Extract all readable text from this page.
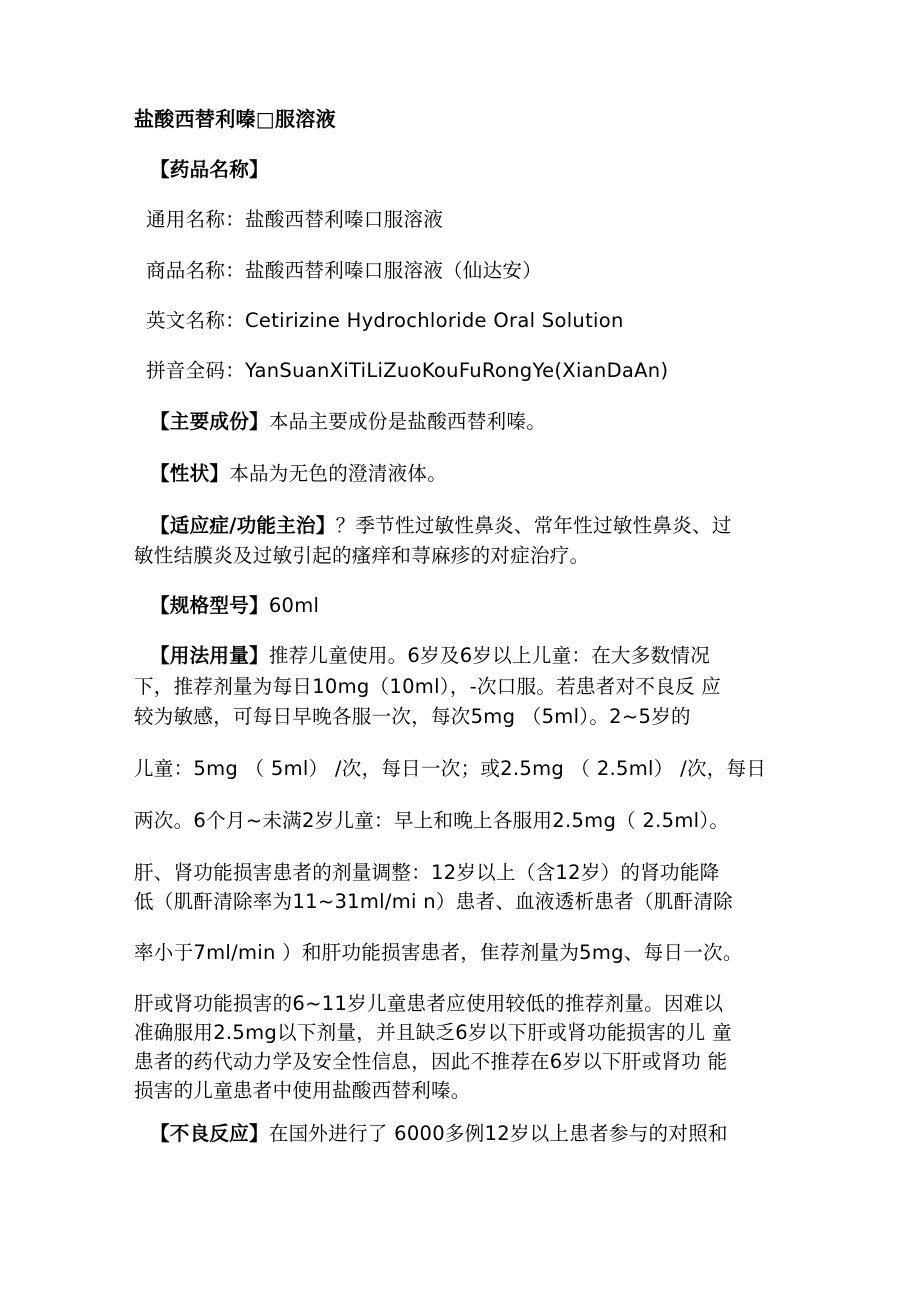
盐酸西替利嗪□服溶液
【药品名称】
通用名称：盐酸西替利嗪口服溶液
商品名称：盐酸西替利嗪口服溶液（仙达安）
英文名称：Cetirizine Hydrochloride Oral Solution
拼音全码：YanSuanXiTiLiZuoKouFuRongYe(XianDaAn)
【主要成份】本品主要成份是盐酸西替利嗪。
【性状】本品为无色的澄清液体。
【适应症/功能主治】？季节性过敏性鼻炎、常年性过敏性鼻炎、过
敏性结膜炎及过敏引起的瘙痒和荨麻疹的对症治疗。
【规格型号】60ml
【用法用量】推荐儿童使用。6岁及6岁以上儿童：在大多数情况
下，推荐剂量为每日10mg（10ml），-次口服。若患者对不良反 应
较为敏感，可每日早晚各服一次，每次5mg （5ml）。2~5岁的
儿童：5mg （ 5ml） /次，每日一次；或2.5mg （ 2.5ml） /次，每日
两次。6个月~未满2岁儿童：早上和晚上各服用2.5mg（ 2.5ml）。
肝、肾功能损害患者的剂量调整：12岁以上（含12岁）的肾功能降
低（肌酐清除率为11~31ml/mi n）患者、血液透析患者（肌酐清除
率小于7ml/min ）和肝功能损害患者，隹荐剂量为5mg、每日一次。
肝或肾功能损害的6~11岁儿童患者应使用较低的推荐剂量。因难以
准确服用2.5mg以下剂量，并且缺乏6岁以下肝或肾功能损害的儿 童
患者的药代动力学及安全性信息，因此不推荐在6岁以下肝或肾功 能
损害的儿童患者中使用盐酸西替利嗪。
【不良反应】在国外进行了 6000多例12岁以上患者参与的对照和
